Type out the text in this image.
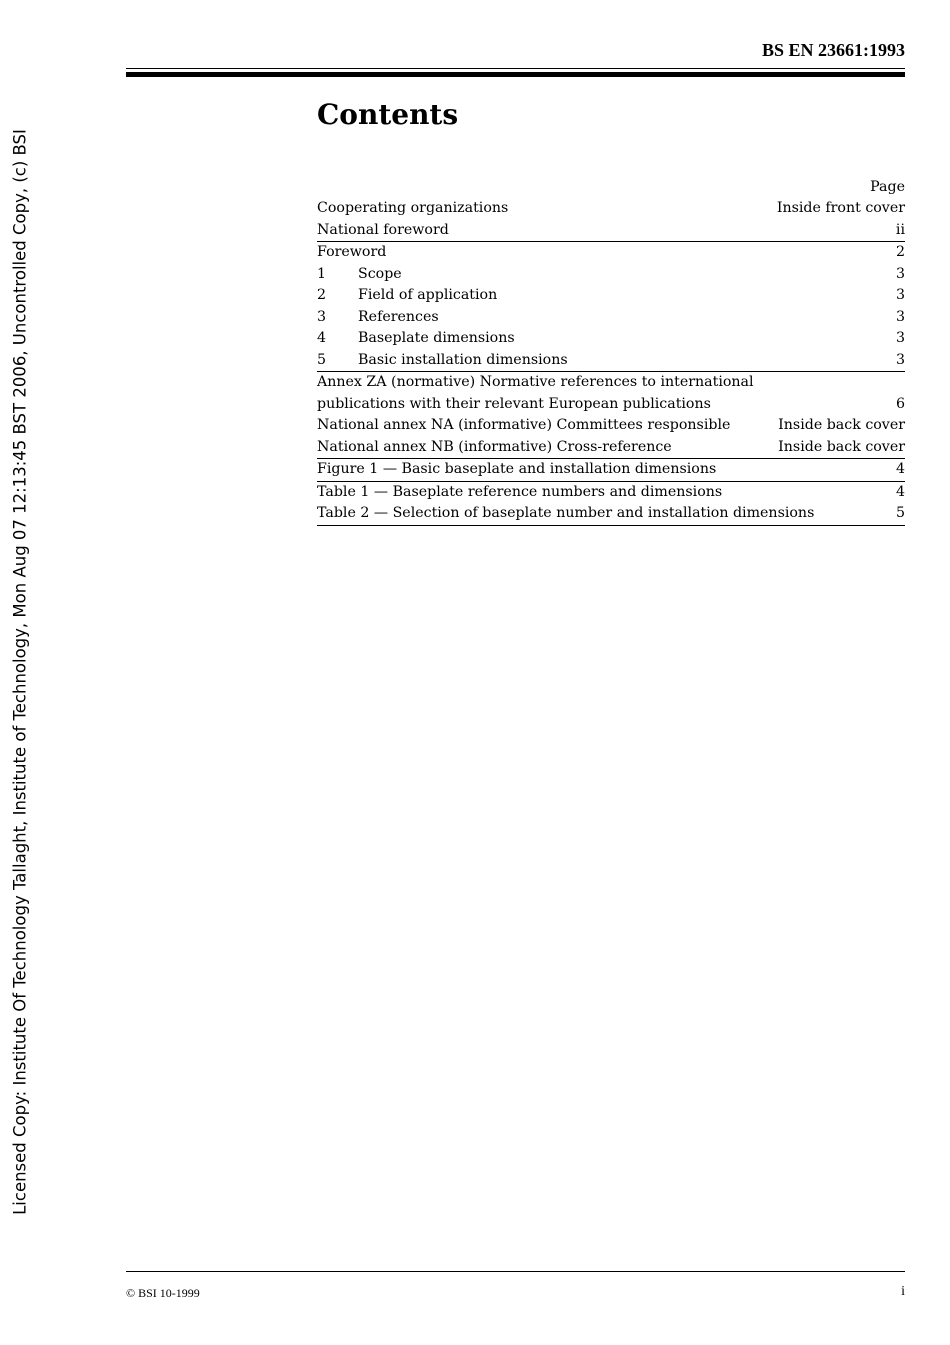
Licensed Copy: Institute Of Technology Tallaght, Institute of Technology, Mon Aug 07 12:13:45 BST 2006, Uncontrolled Copy, (c) BSI
BS EN 23661:1993
Contents
Page
Cooperating organizations	Inside front cover
National foreword	ii
Foreword	2
1	Scope	3
2	Field of application	3
3	References	3
4	Baseplate dimensions	3
5	Basic installation dimensions	3
Annex ZA (normative) Normative references to international publications with their relevant European publications	6
National annex NA (informative) Committees responsible	Inside back cover
National annex NB (informative) Cross-reference	Inside back cover
Figure 1 — Basic baseplate and installation dimensions	4
Table 1 — Baseplate reference numbers and dimensions	4
Table 2 — Selection of baseplate number and installation dimensions	5
© BSI 10-1999	i
